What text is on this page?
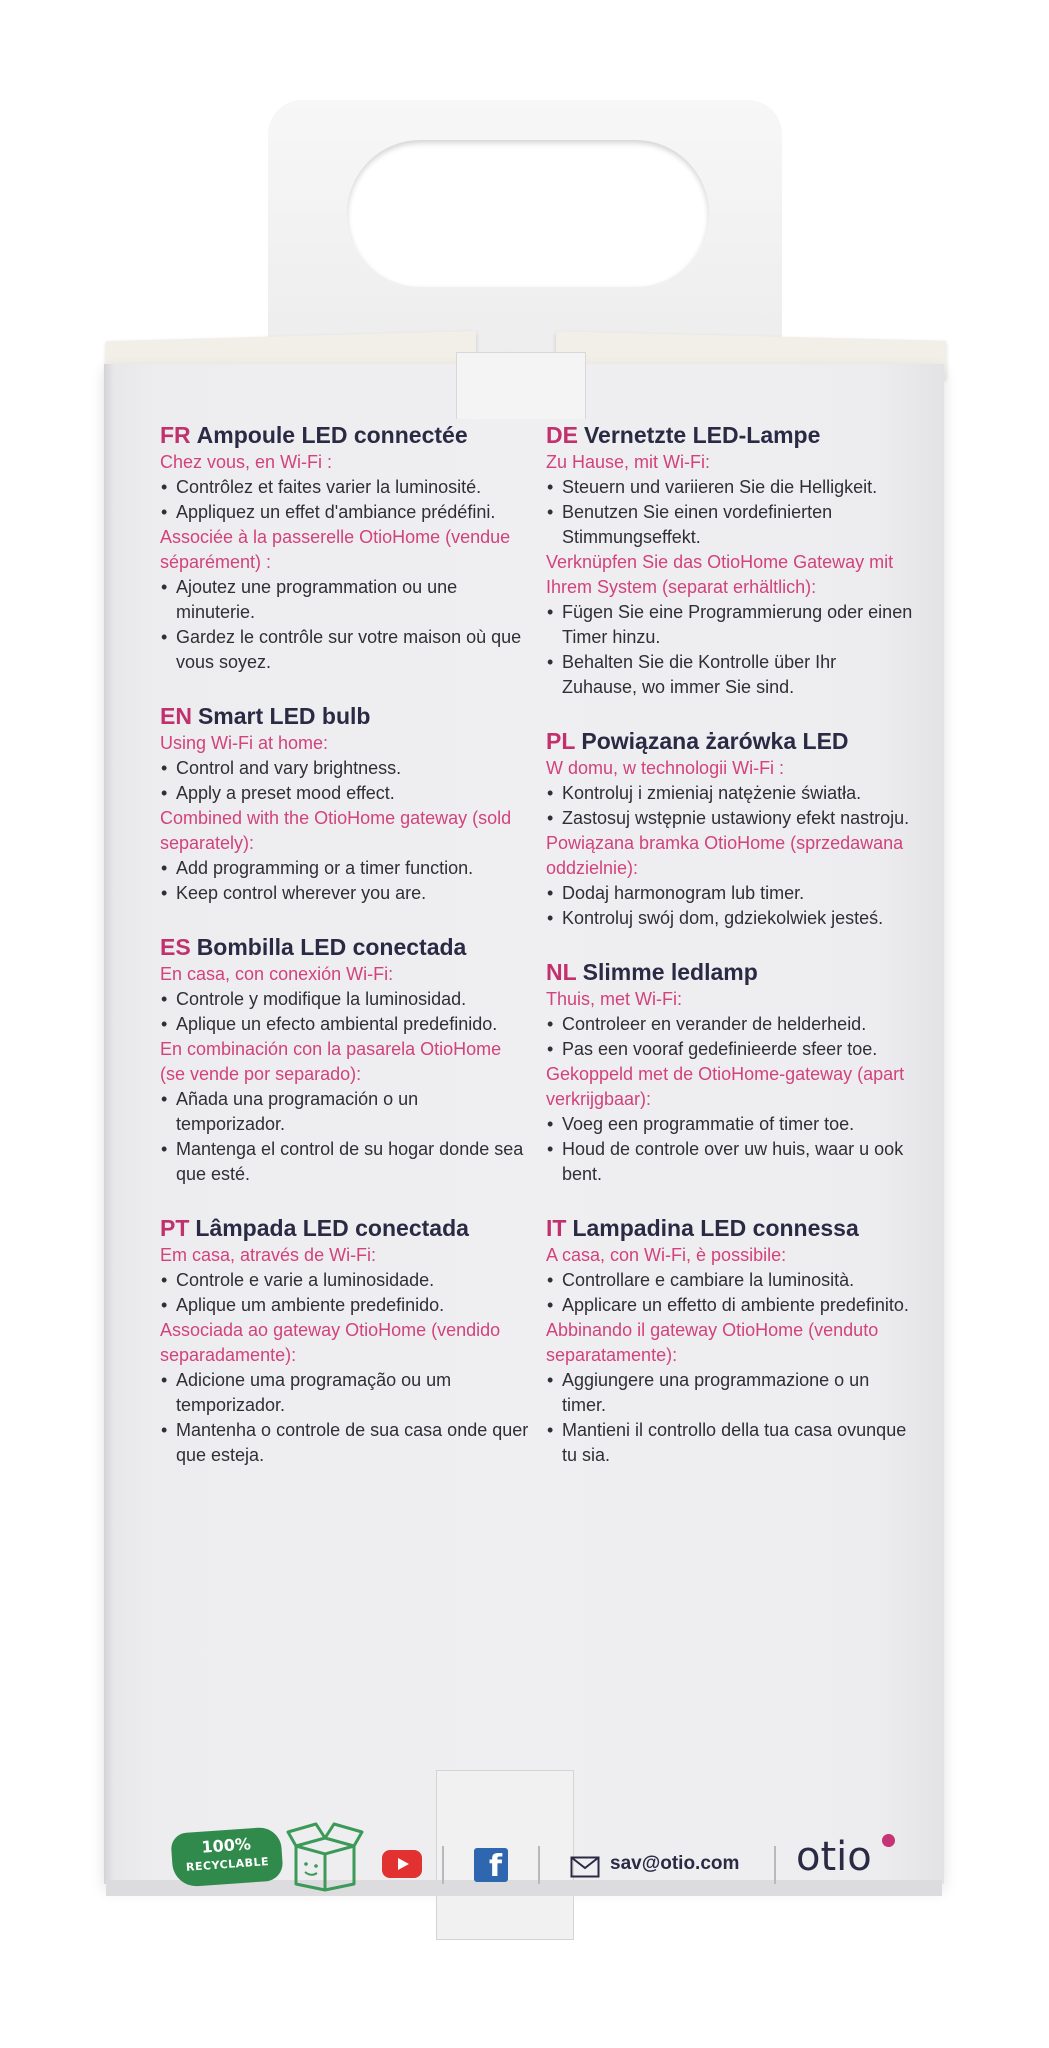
FR Ampoule LED connectée
Chez vous, en Wi-Fi :
• Contrôlez et faites varier la luminosité.
• Appliquez un effet d'ambiance prédéfini.
Associée à la passerelle OtioHome (vendue séparément) :
• Ajoutez une programmation ou une minuterie.
• Gardez le contrôle sur votre maison où que vous soyez.
EN Smart LED bulb
Using Wi-Fi at home:
• Control and vary brightness.
• Apply a preset mood effect.
Combined with the OtioHome gateway (sold separately):
• Add programming or a timer function.
• Keep control wherever you are.
ES Bombilla LED conectada
En casa, con conexión Wi-Fi:
• Controle y modifique la luminosidad.
• Aplique un efecto ambiental predefinido.
En combinación con la pasarela OtioHome (se vende por separado):
• Añada una programación o un temporizador.
• Mantenga el control de su hogar donde sea que esté.
PT Lâmpada LED conectada
Em casa, através de Wi-Fi:
• Controle e varie a luminosidade.
• Aplique um ambiente predefinido.
Associada ao gateway OtioHome (vendido separadamente):
• Adicione uma programação ou um temporizador.
• Mantenha o controle de sua casa onde quer que esteja.
DE Vernetzte LED-Lampe
Zu Hause, mit Wi-Fi:
• Steuern und variieren Sie die Helligkeit.
• Benutzen Sie einen vordefinierten Stimmungseffekt.
Verknüpfen Sie das OtioHome Gateway mit Ihrem System (separat erhältlich):
• Fügen Sie eine Programmierung oder einen Timer hinzu.
• Behalten Sie die Kontrolle über Ihr Zuhause, wo immer Sie sind.
PL Powiązana żarówka LED
W domu, w technologii Wi-Fi :
• Kontroluj i zmieniaj natężenie światła.
• Zastosuj wstępnie ustawiony efekt nastroju.
Powiązana bramka OtioHome (sprzedawana oddzielnie):
• Dodaj harmonogram lub timer.
• Kontroluj swój dom, gdziekolwiek jesteś.
NL Slimme ledlamp
Thuis, met Wi-Fi:
• Controleer en verander de helderheid.
• Pas een vooraf gedefinieerde sfeer toe.
Gekoppeld met de OtioHome-gateway (apart verkrijgbaar):
• Voeg een programmatie of timer toe.
• Houd de controle over uw huis, waar u ook bent.
IT Lampadina LED connessa
A casa, con Wi-Fi, è possibile:
• Controllare e cambiare la luminosità.
• Applicare un effetto di ambiente predefinito.
Abbinando il gateway OtioHome (venduto separatamente):
• Aggiungere una programmazione o un timer.
• Mantieni il controllo della tua casa ovunque tu sia.
100%
RECYCLABLE	f	sav@otio.com otio
